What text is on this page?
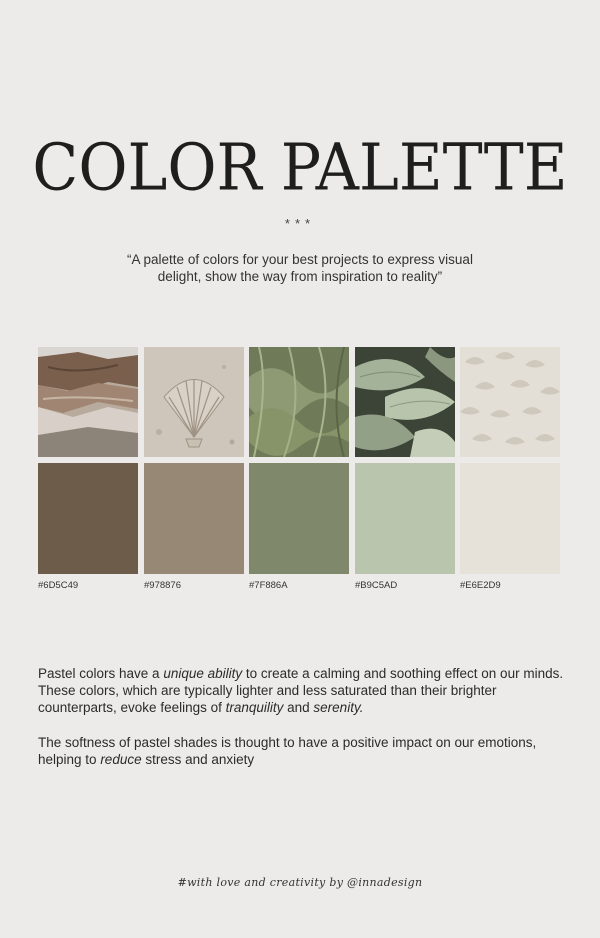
COLOR PALETTE
***

“A palette of colors for your best projects to express visual
delight, show the way from inspiration to reality”

#6D5C49	#978876	#7F886A	#B9C5AD	#E6E2D9

Pastel colors have a unique ability to create a calming and soothing effect on our minds. These colors, which are typically lighter and less saturated than their brighter counterparts, evoke feelings of tranquility and serenity.

The softness of pastel shades is thought to have a positive impact on our emotions, helping to reduce stress and anxiety

#with love and creativity by @innadesign
